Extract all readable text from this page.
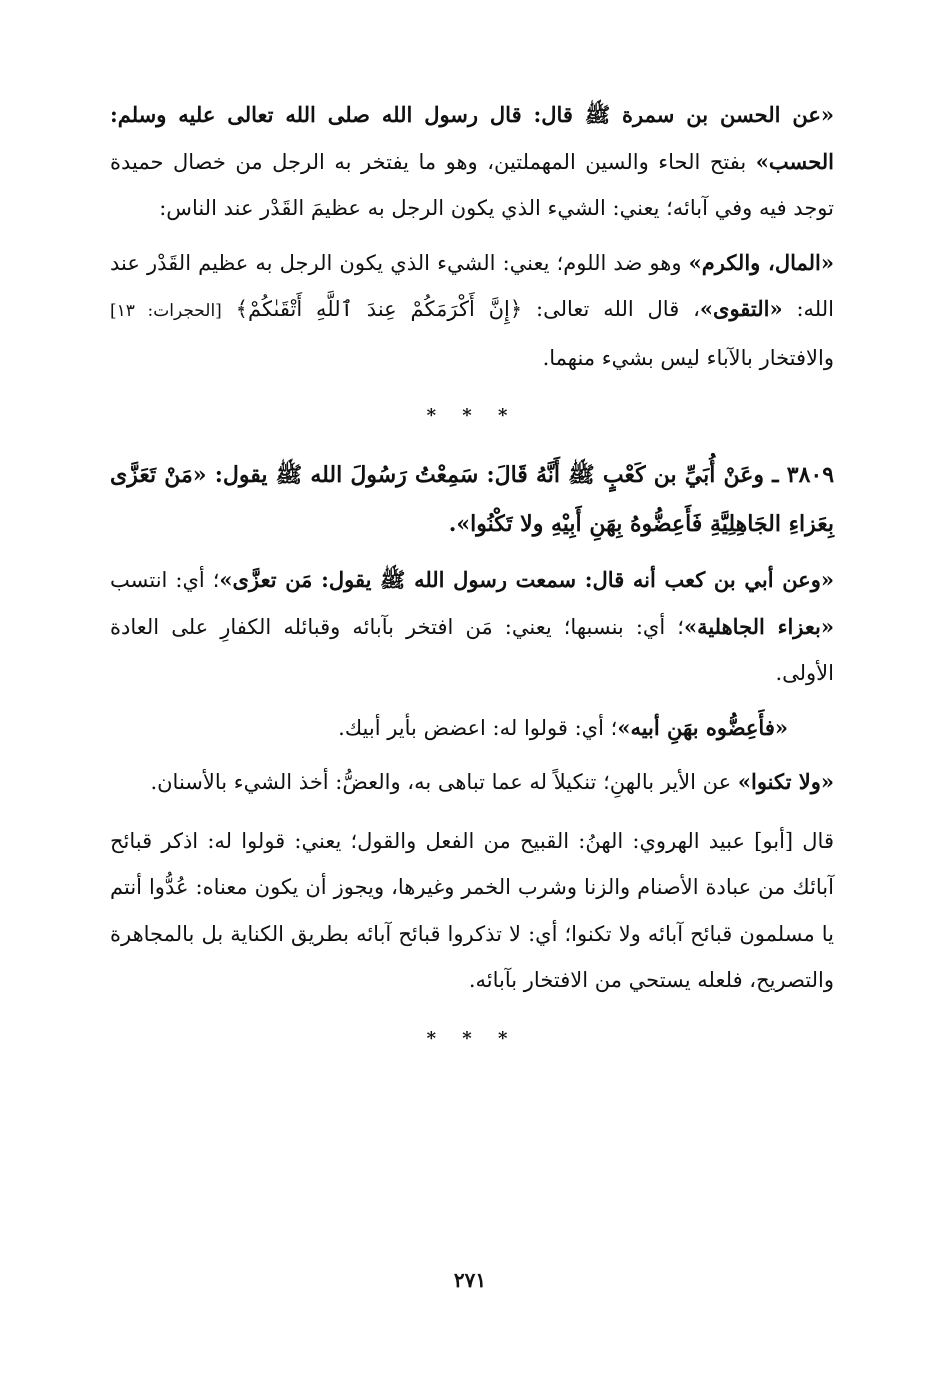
«عن الحسن بن سمرة ﷺ قال: قال رسول الله صلى الله تعالى عليه وسلم: الحسب» بفتح الحاء والسين المهملتين، وهو ما يفتخر به الرجل من خصال حميدة توجد فيه وفي آبائه؛ يعني: الشيء الذي يكون الرجل به عظيمَ القَدْر عند الناس:

«المال، والكرم» وهو ضد اللوم؛ يعني: الشيء الذي يكون الرجل به عظيم القَدْر عند الله: «التقوى»، قال الله تعالى: ﴿إِنَّ أَكْرَمَكُمْ عِندَ ٱللَّهِ أَتْقَىٰكُمْ﴾ [الحجرات: ١٣] والافتخار بالآباء ليس بشيء منهما.

* * *

٣٨٠٩ ـ وعَنْ أُبَيِّ بن كَعْبٍ ﷺ أَنَّهُ قَالَ: سَمِعْتُ رَسُولَ الله ﷺ يقول: «مَنْ تَعَزَّى بِعَزاءِ الجَاهِلِيَّةِ فَأَعِضُّوهُ بِهَنِ أَبِيْهِ ولا تَكْنُوا».

«وعن أبي بن كعب أنه قال: سمعت رسول الله ﷺ يقول: مَن تعزَّى»؛ أي: انتسب «بعزاء الجاهلية»؛ أي: بنسبها؛ يعني: مَن افتخر بآبائه وقبائله الكفارِ على العادة الأولى.

«فأَعِضُّوه بهَنِ أبيه»؛ أي: قولوا له: اعضض بأير أبيك.

«ولا تكنوا» عن الأير بالهنِ؛ تنكيلاً له عما تباهى به، والعضُّ: أخذ الشيء بالأسنان.

قال [أبو] عبيد الهروي: الهنُ: القبيح من الفعل والقول؛ يعني: قولوا له: اذكر قبائح آبائك من عبادة الأصنام والزنا وشرب الخمر وغيرها، ويجوز أن يكون معناه: عُدُّوا أنتم يا مسلمون قبائح آبائه ولا تكنوا؛ أي: لا تذكروا قبائح آبائه بطريق الكناية بل بالمجاهرة والتصريح، فلعله يستحي من الافتخار بآبائه.

* * *
٢٧١
